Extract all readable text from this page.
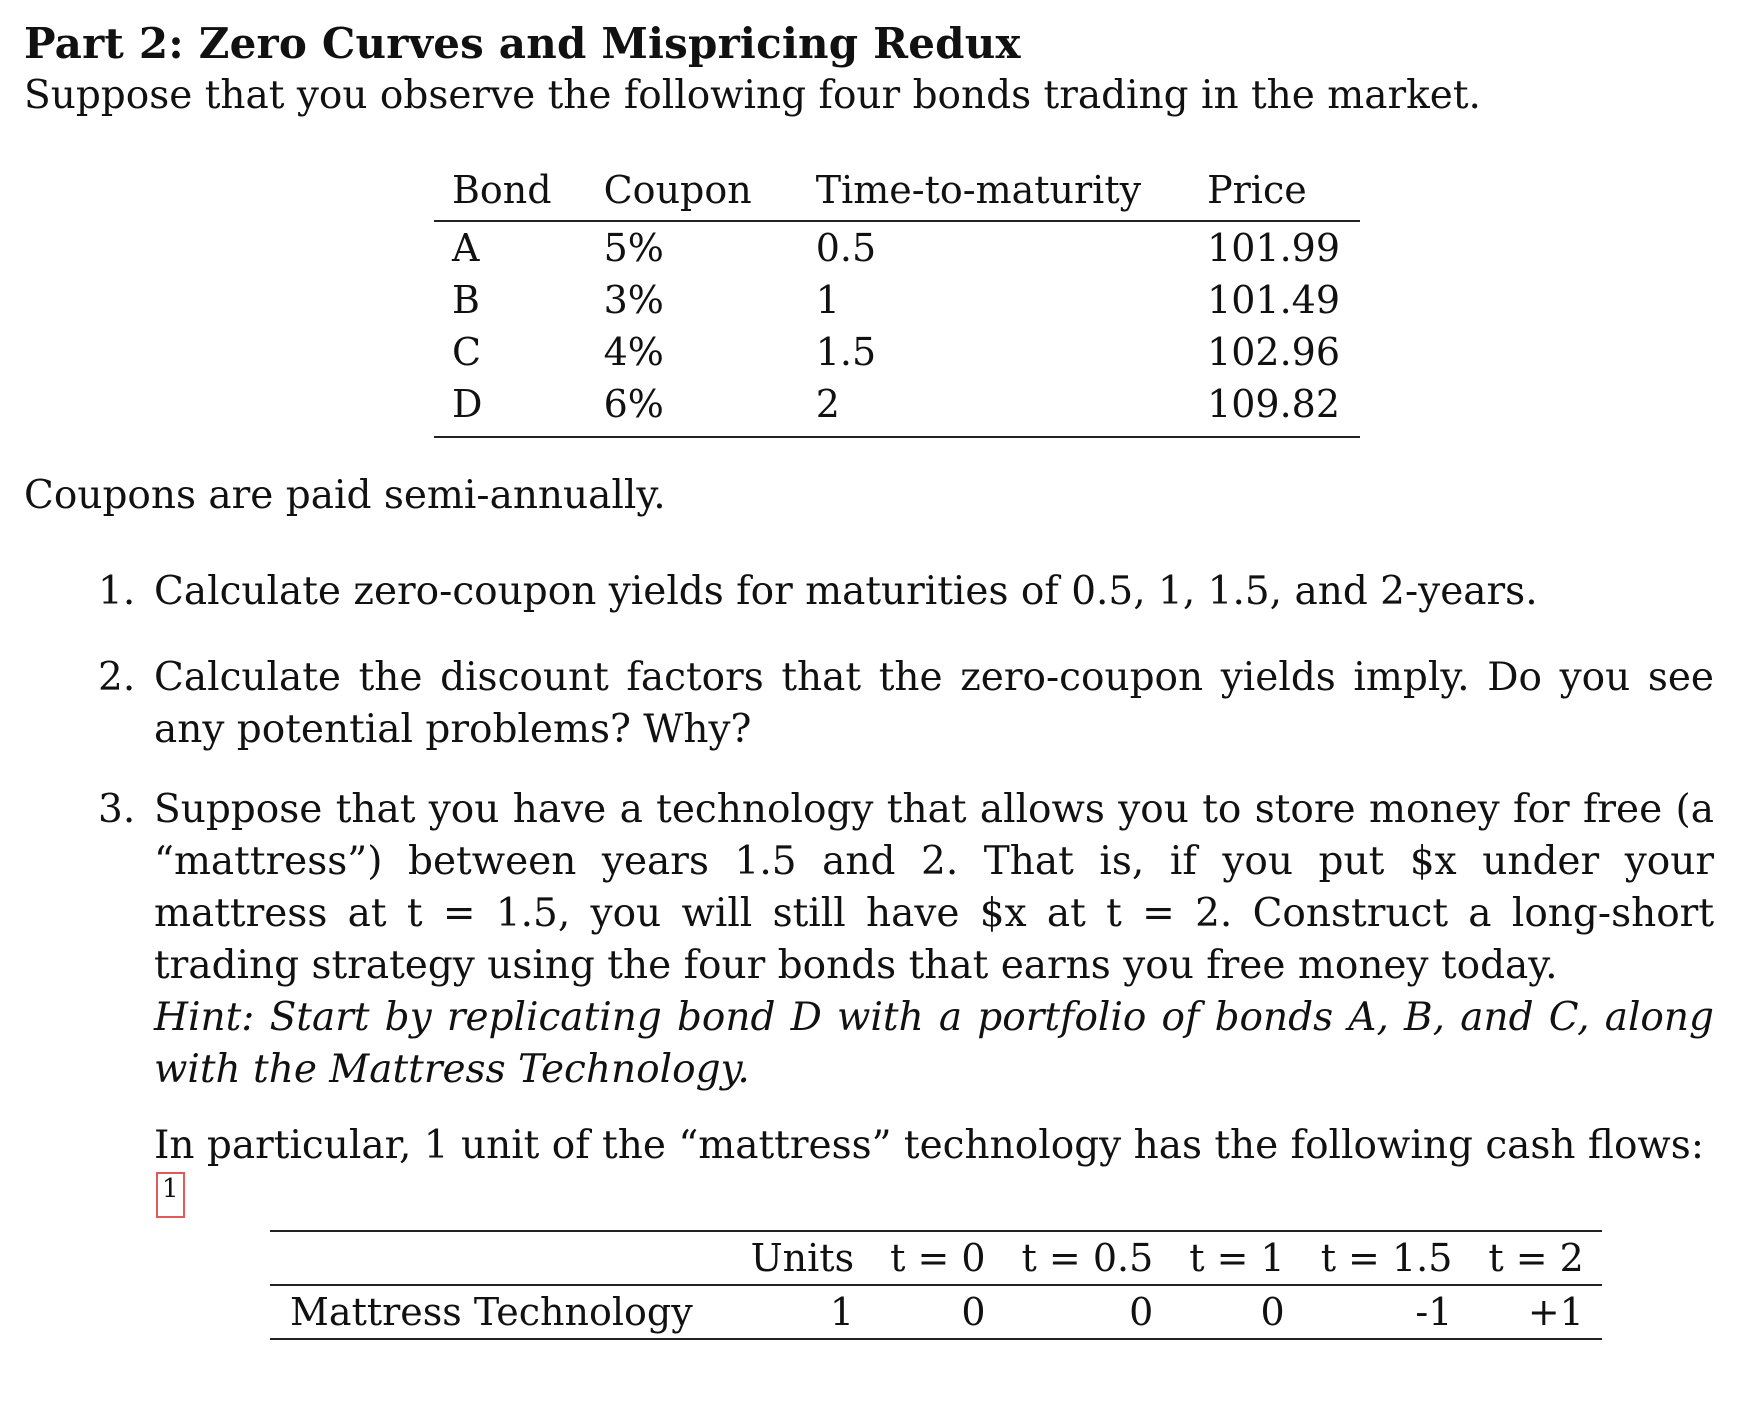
Part 2: Zero Curves and Mispricing Redux

Suppose that you observe the following four bonds trading in the market.

Bond	Coupon	Time-to-maturity	Price
A	5%	0.5	101.99
B	3%	1	101.49
C	4%	1.5	102.96
D	6%	2	109.82

Coupons are paid semi-annually.

1. Calculate zero-coupon yields for maturities of 0.5, 1, 1.5, and 2-years.
2. Calculate the discount factors that the zero-coupon yields imply. Do you see any potential problems? Why?
3. Suppose that you have a technology that allows you to store money for free (a “mattress”) between years 1.5 and 2. That is, if you put $x under your mattress at t = 1.5, you will still have $x at t = 2. Construct a long-short trading strategy using the four bonds that earns you free money today.
Hint: Start by replicating bond D with a portfolio of bonds A, B, and C, along with the Mattress Technology.
In particular, 1 unit of the “mattress” technology has the following cash flows:1
	Units	t = 0	t = 0.5	t = 1	t = 1.5	t = 2
Mattress Technology	1	0	0	0	-1	+1
